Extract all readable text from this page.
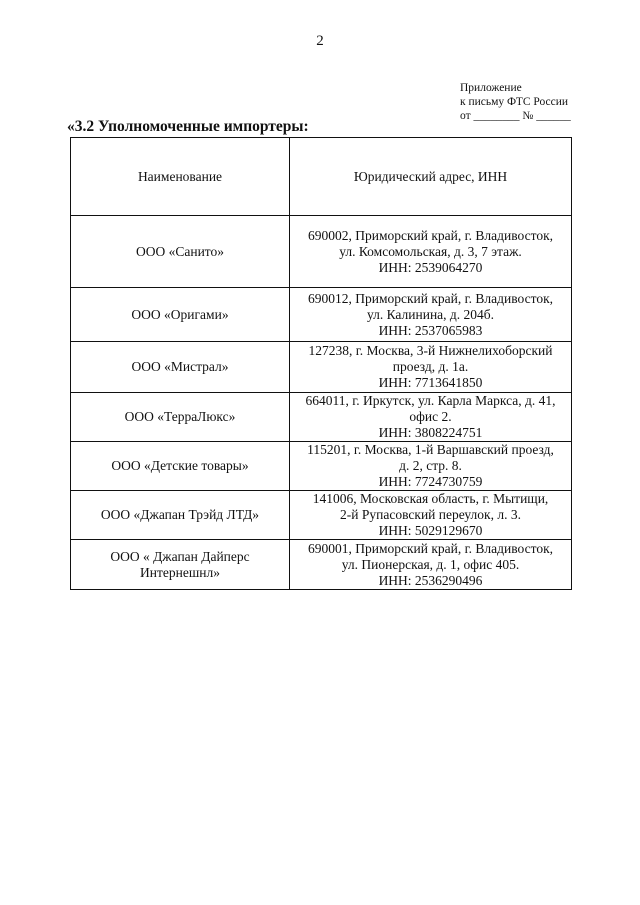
2
Приложение
к письму ФТС России
от ________ № ______
«3.2 Уполномоченные импортеры:
Наименование	Юридический адрес, ИНН
ООО «Санито»	690002, Приморский край, г. Владивосток,
ул. Комсомольская, д. 3, 7 этаж.
ИНН: 2539064270

ООО «Оригами»	690012, Приморский край, г. Владивосток,
ул. Калинина, д. 204б.
ИНН: 2537065983

ООО «Мистрал»	127238, г. Москва, 3-й Нижнелихоборский
проезд, д. 1а.
ИНН: 7713641850

ООО «ТерраЛюкс»	664011, г. Иркутск, ул. Карла Маркса, д. 41,
офис 2.
ИНН: 3808224751

ООО «Детские товары»	115201, г. Москва, 1-й Варшавский проезд,
д. 2, стр. 8.
ИНН: 7724730759

ООО «Джапан Трэйд ЛТД»	141006, Московская область, г. Мытищи,
2-й Рупасовский переулок, л. 3.
ИНН: 5029129670

ООО « Джапан Дайперс
Интернешнл»	690001, Приморский край, г. Владивосток,
ул. Пионерская, д. 1, офис 405.
ИНН: 2536290496
